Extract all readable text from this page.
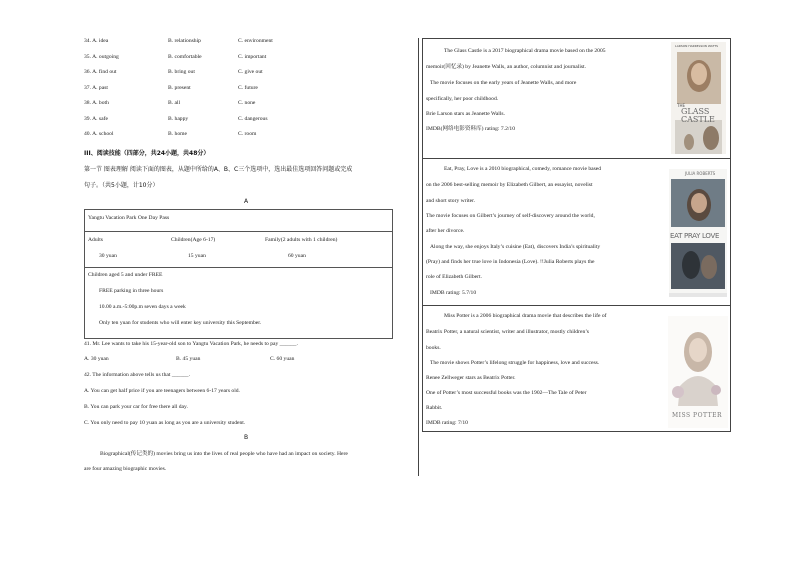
34. A. idea	B. relationship	C. environment
35. A. outgoing	B. comfortable	C. important
36. A. find out	B. bring out	C. give out
37. A. past	B. present	C. future
38. A. both	B. all	C. none
39. A. safe	B. happy	C. dangerous
40. A. school	B. home	C. room
III、阅读技能（四部分，共24小题，共48分）
第一节 图表理解 阅读下面的图表，从题中所给的A、B、C三个选项中，选出最佳选项回答问题或完成
句子。（共5小题，计10分）
A
Yangtu Vacation Park One Day Pass
Adults	Children(Age 6-17)	Family(2 adults with 1 children)
30 yuan	15 yuan	60 yuan
Children aged 5 and under FREE
FREE parking in three hours
10.00 a.m.-5:00p.m seven days a week
Only ten yuan for students who will enter key university this September.
41. Mr. Lee wants to take his 15-year-old son to Yangtu Vacation Park, he needs to pay ______.
A. 30 yuan	B. 45 yuan	C. 60 yuan
42. The information above tells us that ______.
A. You can get half price if you are teenagers between 6-17 years old.
B. You can park your car for free there all day.
C. You only need to pay 10 yuan as long as you are a university student.
B
Biographical(传记类的) movies bring us into the lives of real people who have had an impact on society. Here
are four amazing biographic movies.
The Glass Castle is a 2017 biographical drama movie based on the 2005
memoir(回忆录) by Jeanette Walls, an author, columnist and journalist.
The movie focuses on the early years of Jeanette Walls, and more
specifically, her poor childhood.
Brie Larson stars as Jeanette Walls.
IMDB(网络电影资料库) rating: 7.2/10
LARSON HARRELSON WATTS
THE
GLASS
CASTLE
Eat, Pray, Love is a 2010 biographical, comedy, romance movie based
on the 2006 best-selling memoir by Elizabeth Gilbert, an essayist, novelist
and short story writer.
The movie focuses on Gilbert’s journey of self-discovery around the world,
after her divorce.
Along the way, she enjoys Italy’s cuisine (Eat), discovers India’s spirituality
(Pray) and finds her true love in Indonesia (Love). !!Julia Roberts plays the
role of Elizabeth Gilbert.
IMDB rating: 5.7/10
JULIA ROBERTS
EAT PRAY LOVE
Miss Potter is a 2006 biographical drama movie that describes the life of
Beatrix Potter, a natural scientist, writer and illustrator, mostly children’s
books.
The movie shows Potter’s lifelong struggle for happiness, love and success.
Renee Zellweger stars as Beatrix Potter.
One of Potter’s most successful books was the 1902—The Tale of Peter
Rabbit.
IMDB rating: 7/10
MISS POTTER
